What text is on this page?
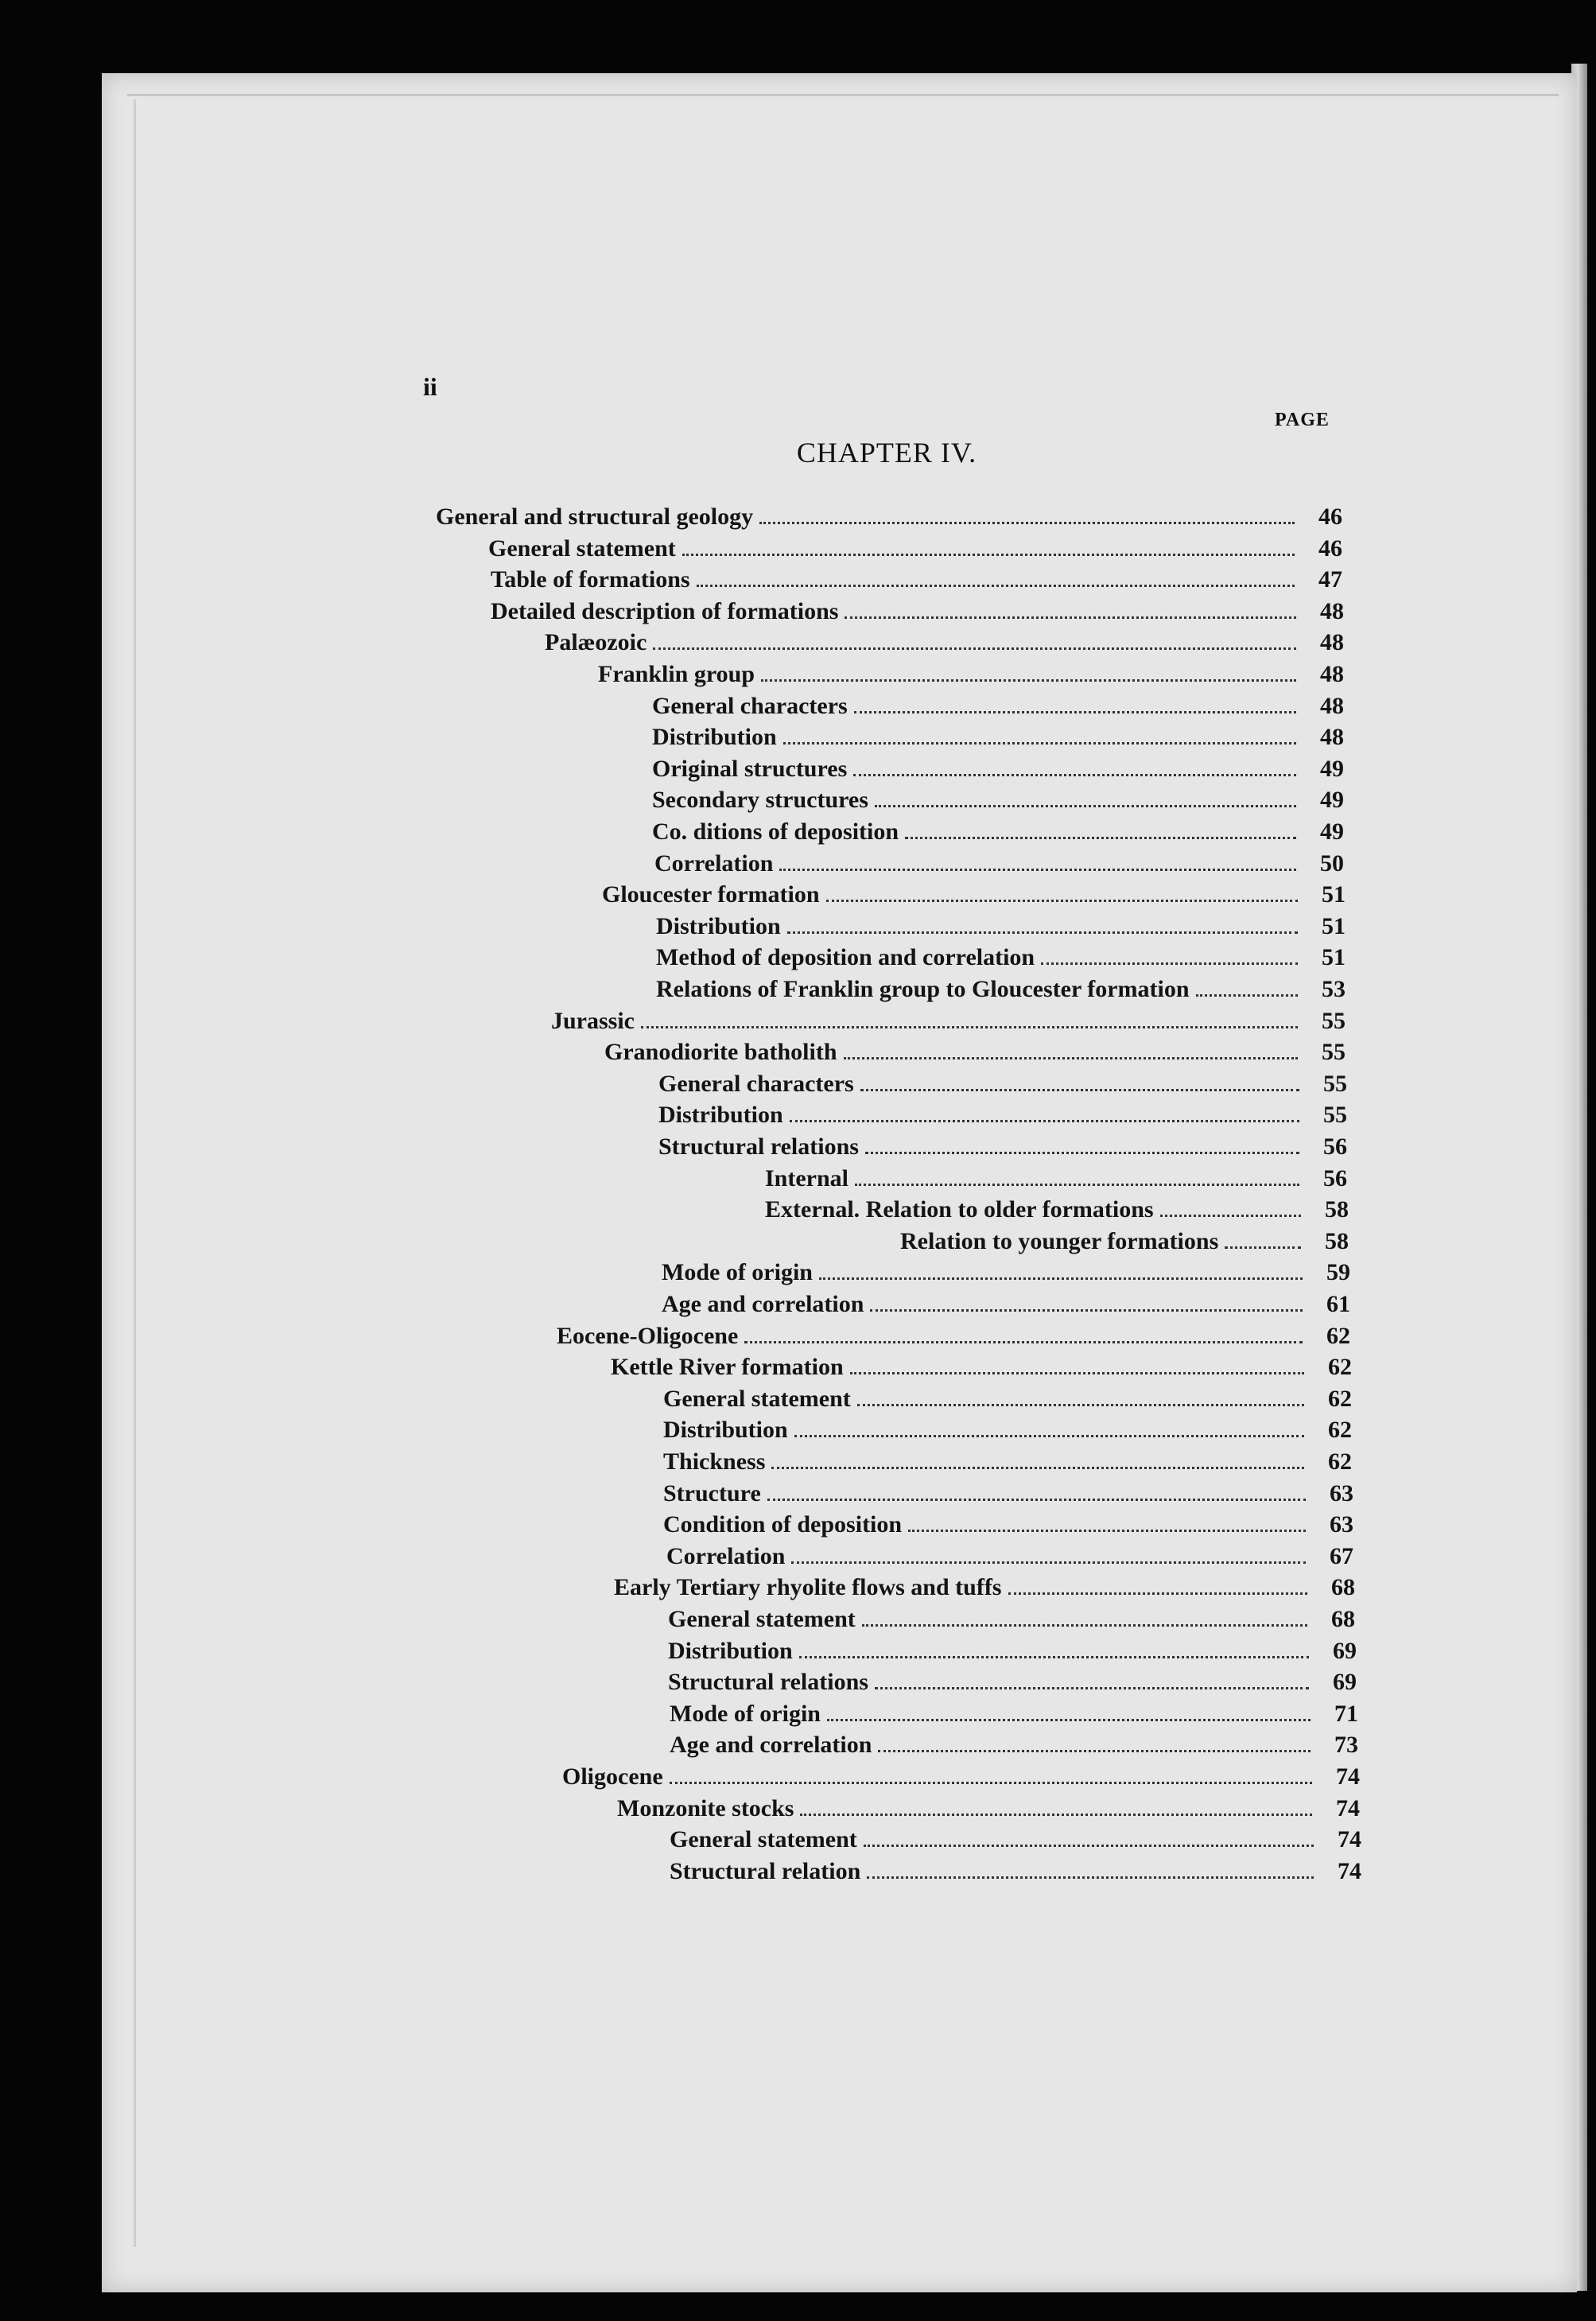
ii
PAGE
CHAPTER IV.
General and structural geology	46
General statement	46
Table of formations	47
Detailed description of formations	48
Palæozoic	48
Franklin group	48
General characters	48
Distribution	48
Original structures	49
Secondary structures	49
Co. ditions of deposition	49
Correlation	50
Gloucester formation	51
Distribution	51
Method of deposition and correlation	51
Relations of Franklin group to Gloucester formation	53
Jurassic	55
Granodiorite batholith	55
General characters	55
Distribution	55
Structural relations	56
Internal	56
External. Relation to older formations	58
Relation to younger formations	58
Mode of origin	59
Age and correlation	61
Eocene-Oligocene	62
Kettle River formation	62
General statement	62
Distribution	62
Thickness	62
Structure	63
Condition of deposition	63
Correlation	67
Early Tertiary rhyolite flows and tuffs	68
General statement	68
Distribution	69
Structural relations	69
Mode of origin	71
Age and correlation	73
Oligocene	74
Monzonite stocks	74
General statement	74
Structural relation	74
